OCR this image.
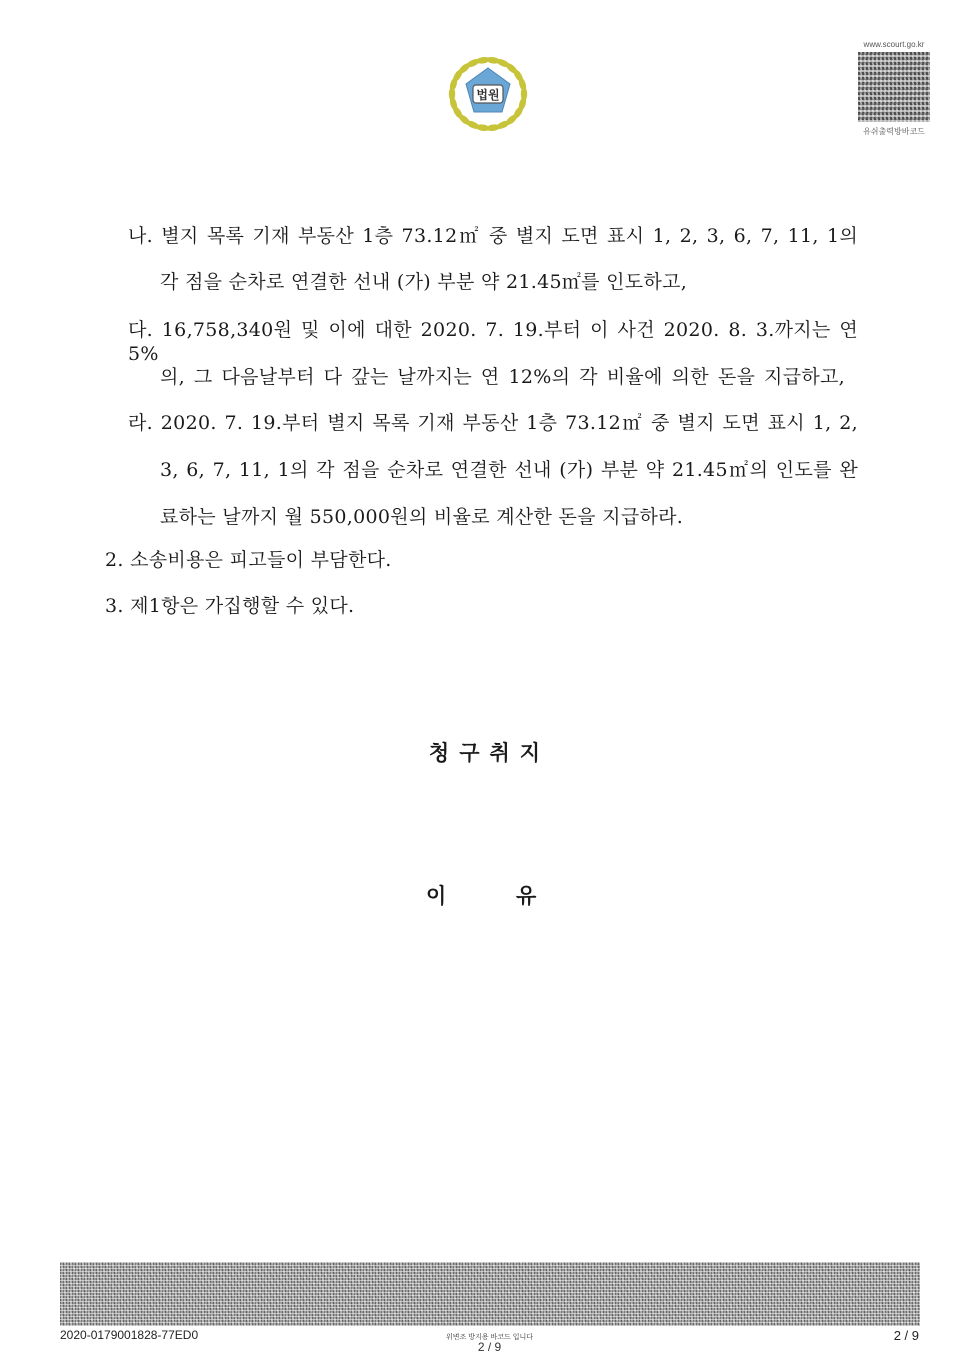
법원
www.scourt.go.kr
유쉬출력방바코드
나. 별지 목록 기재 부동산 1층 73.12㎡ 중 별지 도면 표시 1, 2, 3, 6, 7, 11, 1의
각 점을 순차로 연결한 선내 (가) 부분 약 21.45㎡를 인도하고,
다. 16,758,340원 및 이에 대한 2020. 7. 19.부터 이 사건 2020. 8. 3.까지는 연 5%
의, 그 다음날부터 다 갚는 날까지는 연 12%의 각 비율에 의한 돈을 지급하고,
라. 2020. 7. 19.부터 별지 목록 기재 부동산 1층 73.12㎡ 중 별지 도면 표시 1, 2,
3, 6, 7, 11, 1의 각 점을 순차로 연결한 선내 (가) 부분 약 21.45㎡의 인도를 완
료하는 날까지 월 550,000원의 비율로 계산한 돈을 지급하라.
2. 소송비용은 피고들이 부담한다.
3. 제1항은 가집행할 수 있다.
청구취지
이	유
2020-0179001828-77ED0	위변조 방지용 바코드 입니다
2 / 9
2 / 9
